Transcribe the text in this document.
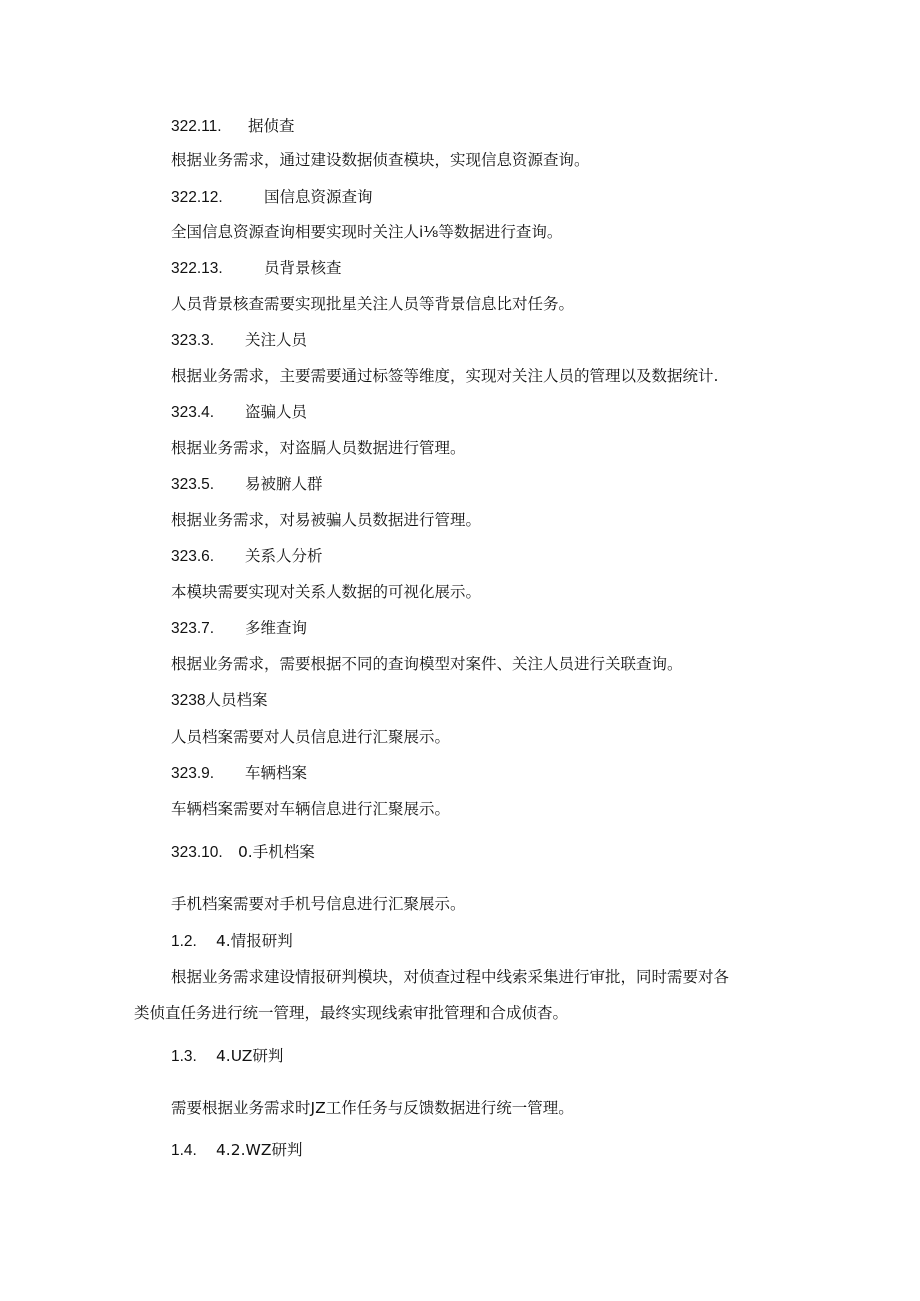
322.11. 据侦查
根据业务需求，通过建设数据侦查模块，实现信息资源查询。
322.12.	国信息资源查询
全国信息资源查询相要实现时关注人i⅛等数据进行查询。
322.13.	员背景核查
人员背景核查需要实现批星关注人员等背景信息比对任务。
323.3. 关注人员
根据业务需求，主要需要通过标签等维度，实现对关注人员的管理以及数据统计.
323.4. 盗骗人员
根据业务需求，对盗膈人员数据进行管理。
323.5. 易被腑人群
根据业务需求，对易被骗人员数据进行管理。
323.6. 关系人分析
本模块需要实现对关系人数据的可视化展示。
323.7. 多维查询
根据业务需求，需要根据不同的查询模型对案件、关注人员进行关联查询。
3238人员档案
人员档案需要对人员信息进行汇聚展示。
323.9. 车辆档案
车辆档案需要对车辆信息进行汇聚展示。
323.10. 0.手机档案
手机档案需要对手机号信息进行汇聚展示。
1.2. 4.情报研判
根据业务需求建设情报研判模块，对侦查过程中线索采集进行审批，同时需要对各
类侦直任务进行统一管理，最终实现线索审批管理和合成侦杳。
1.3. 4.UZ研判
需要根据业务需求时JZ工作任务与反馈数据进行统一管理。
1.4. 4.2.WZ研判
